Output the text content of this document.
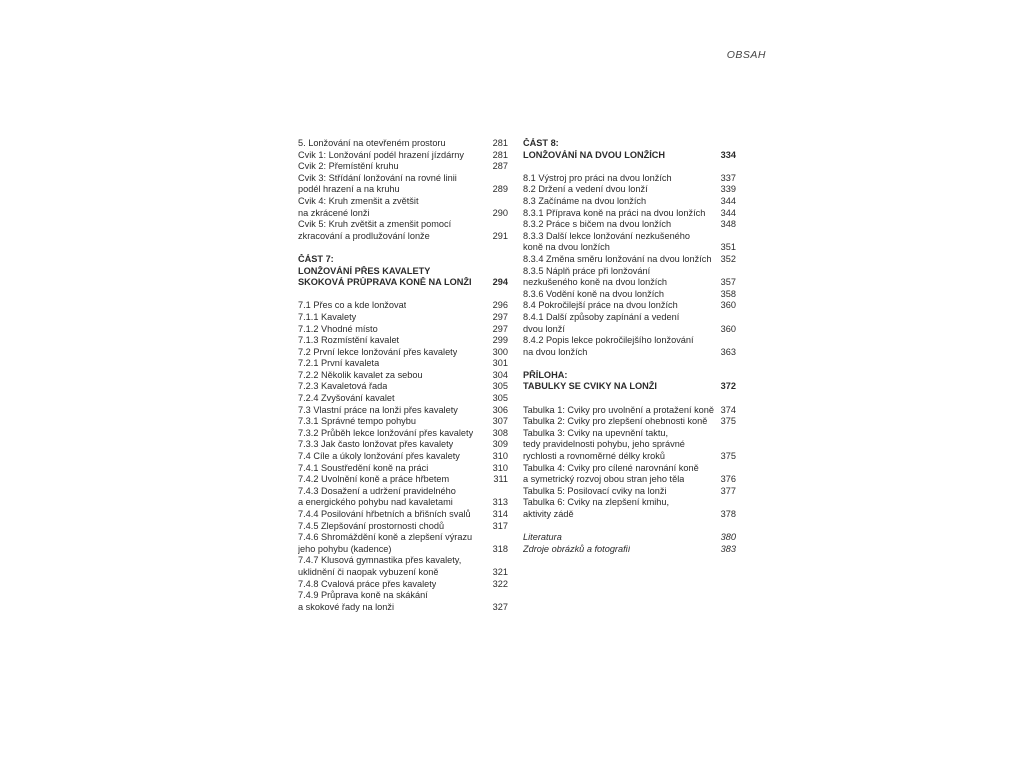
OBSAH
5. Lonžování na otevřeném prostoru	281
Cvik 1: Lonžování podél hrazení jízdárny	281
Cvik 2: Přemístění kruhu	287
Cvik 3: Střídání lonžování na rovné linii
podél hrazení a na kruhu	289
Cvik 4: Kruh zmenšit a zvětšit
na zkrácené lonži	290
Cvik 5: Kruh zvětšit a zmenšit pomocí
zkracování a prodlužování lonže	291
ČÁST 7:
LONŽOVÁNÍ PŘES KAVALETY
SKOKOVÁ PRŮPRAVA KONĚ NA LONŽI	294
7.1 Přes co a kde lonžovat	296
7.1.1 Kavalety	297
7.1.2 Vhodné místo	297
7.1.3 Rozmístění kavalet	299
7.2 První lekce lonžování přes kavalety	300
7.2.1 První kavaleta	301
7.2.2 Několik kavalet za sebou	304
7.2.3 Kavaletová řada	305
7.2.4 Zvyšování kavalet	305
7.3 Vlastní práce na lonži přes kavalety	306
7.3.1 Správné tempo pohybu	307
7.3.2 Průběh lekce lonžování přes kavalety	308
7.3.3 Jak často lonžovat přes kavalety	309
7.4 Cíle a úkoly lonžování přes kavalety	310
7.4.1 Soustředění koně na práci	310
7.4.2 Uvolnění koně a práce hřbetem	311
7.4.3 Dosažení a udržení pravidelného
a energického pohybu nad kavaletami	313
7.4.4 Posilování hřbetních a břišních svalů	314
7.4.5 Zlepšování prostornosti chodů	317
7.4.6 Shromáždění koně a zlepšení výrazu
jeho pohybu (kadence)	318
7.4.7 Klusová gymnastika přes kavalety,
uklidnění či naopak vybuzení koně	321
7.4.8 Cvalová práce přes kavalety	322
7.4.9 Průprava koně na skákání
a skokové řady na lonži	327
ČÁST 8:
LONŽOVÁNÍ NA DVOU LONŽÍCH	334
8.1 Výstroj pro práci na dvou lonžích	337
8.2 Držení a vedení dvou lonží	339
8.3 Začínáme na dvou lonžích	344
8.3.1 Příprava koně na práci na dvou lonžích	344
8.3.2 Práce s bičem na dvou lonžích	348
8.3.3 Další lekce lonžování nezkušeného
koně na dvou lonžích	351
8.3.4 Změna směru lonžování na dvou lonžích	352
8.3.5 Náplň práce při lonžování
nezkušeného koně na dvou lonžích	357
8.3.6 Vodění koně na dvou lonžích	358
8.4 Pokročilejší práce na dvou lonžích	360
8.4.1 Další způsoby zapínání a vedení
dvou lonží	360
8.4.2 Popis lekce pokročilejšího lonžování
na dvou lonžích	363
PŘÍLOHA:
TABULKY SE CVIKY NA LONŽI	372
Tabulka 1: Cviky pro uvolnění a protažení koně 374
Tabulka 2: Cviky pro zlepšení ohebnosti koně	375
Tabulka 3: Cviky na upevnění taktu,
tedy pravidelnosti pohybu, jeho správné
rychlosti a rovnoměrné délky kroků	375
Tabulka 4: Cviky pro cílené narovnání koně
a symetrický rozvoj obou stran jeho těla	376
Tabulka 5: Posilovací cviky na lonži	377
Tabulka 6: Cviky na zlepšení kmihu,
aktivity zádě	378
Literatura	380
Zdroje obrázků a fotografií	383
